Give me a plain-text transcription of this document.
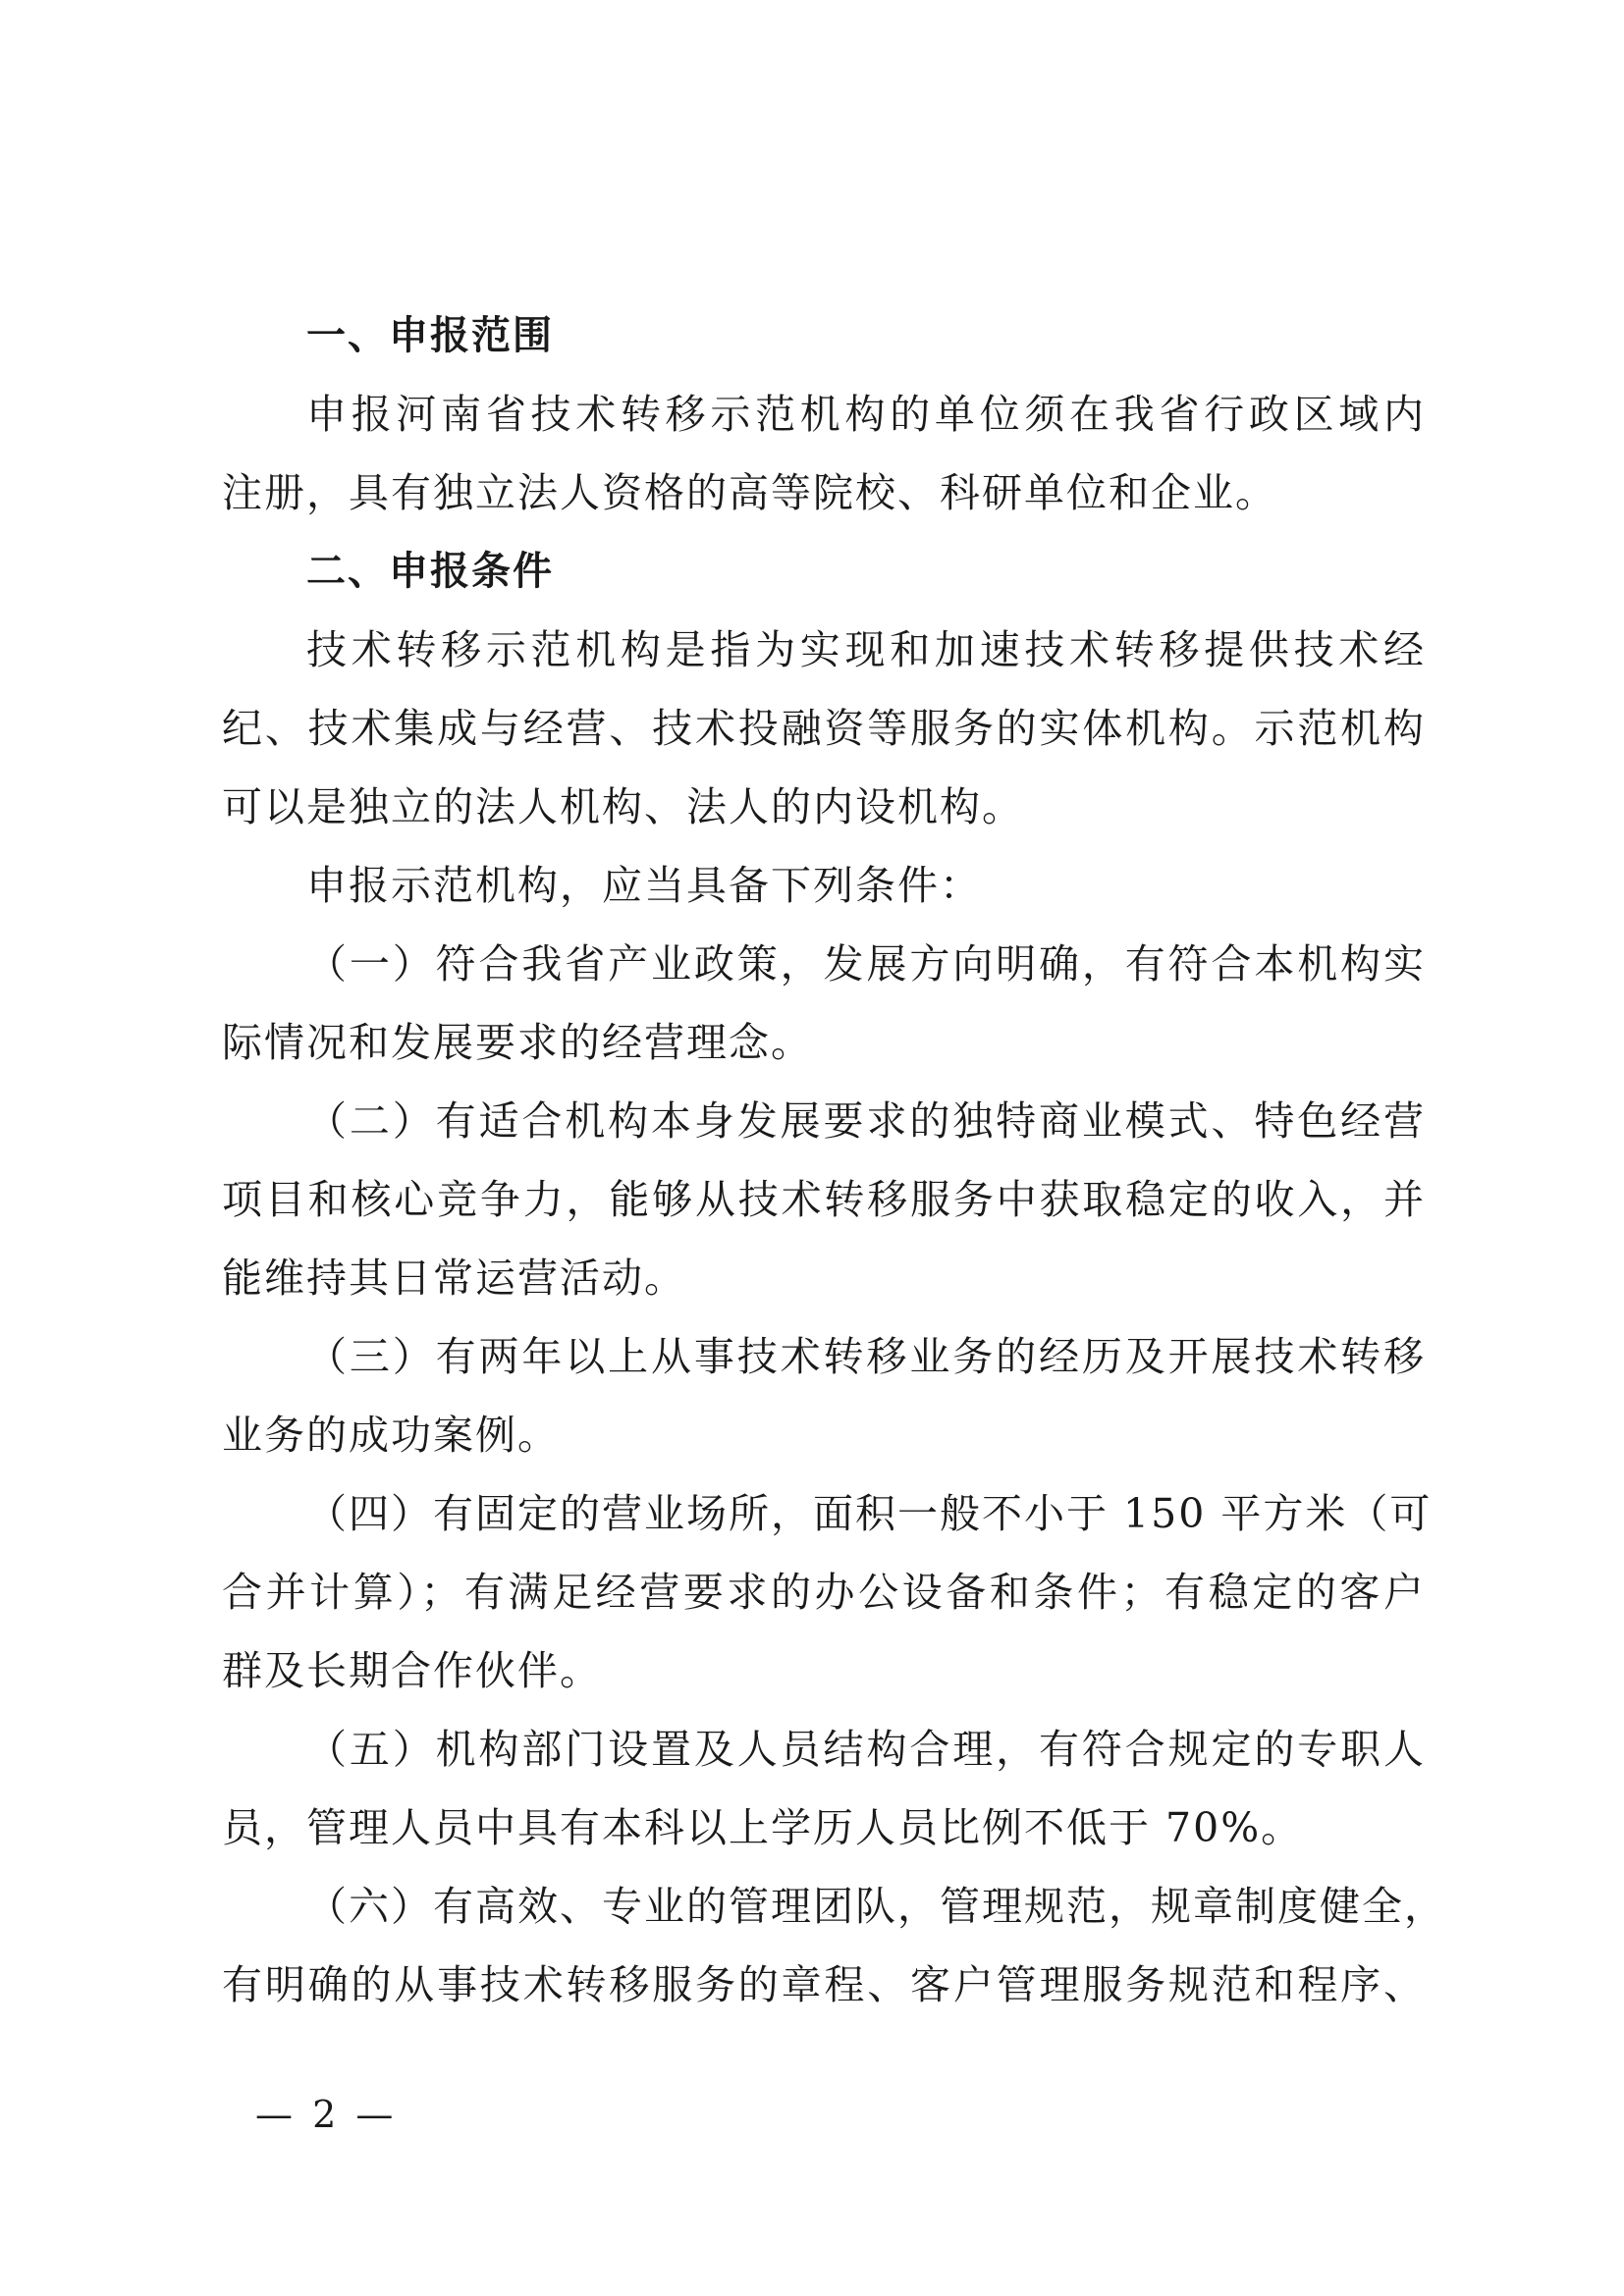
一、申报范围
申报河南省技术转移示范机构的单位须在我省行政区域内
注册，具有独立法人资格的高等院校、科研单位和企业。
二、申报条件
技术转移示范机构是指为实现和加速技术转移提供技术经
纪、技术集成与经营、技术投融资等服务的实体机构。示范机构
可以是独立的法人机构、法人的内设机构。
申报示范机构，应当具备下列条件：
（一）符合我省产业政策，发展方向明确，有符合本机构实
际情况和发展要求的经营理念。
（二）有适合机构本身发展要求的独特商业模式、特色经营
项目和核心竞争力，能够从技术转移服务中获取稳定的收入，并
能维持其日常运营活动。
（三）有两年以上从事技术转移业务的经历及开展技术转移
业务的成功案例。
（四）有固定的营业场所，面积一般不小于 150 平方米（可
合并计算）；有满足经营要求的办公设备和条件；有稳定的客户
群及长期合作伙伴。
（五）机构部门设置及人员结构合理，有符合规定的专职人
员，管理人员中具有本科以上学历人员比例不低于 70%。
（六）有高效、专业的管理团队，管理规范，规章制度健全，
有明确的从事技术转移服务的章程、客户管理服务规范和程序、
— 2 —
